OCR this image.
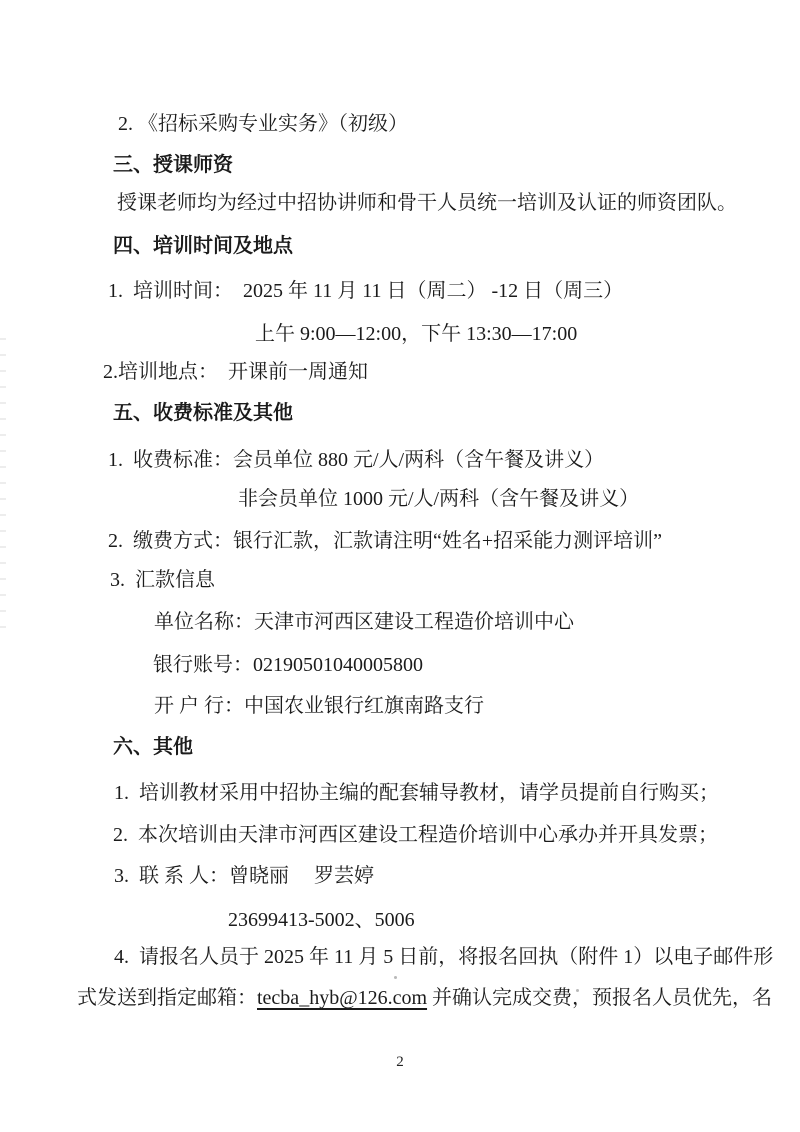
2. 《招标采购专业实务》（初级）

三、授课师资

授课老师均为经过中招协讲师和骨干人员统一培训及认证的师资团队。

四、培训时间及地点

1.  培训时间：  2025 年 11 月 11 日（周二） -12 日（周三）

上午 9:00—12:00，下午 13:30—17:00

2.培训地点：  开课前一周通知

五、收费标准及其他

1.  收费标准：会员单位 880 元/人/两科（含午餐及讲义）

非会员单位 1000 元/人/两科（含午餐及讲义）

2.  缴费方式：银行汇款，汇款请注明“姓名+招采能力测评培训”

3.  汇款信息

单位名称：天津市河西区建设工程造价培训中心

银行账号：02190501040005800

开 户 行：中国农业银行红旗南路支行

六、其他

1.  培训教材采用中招协主编的配套辅导教材，请学员提前自行购买；

2.  本次培训由天津市河西区建设工程造价培训中心承办并开具发票；

3.  联 系 人：曾晓丽　 罗芸婷

23699413-5002、5006

4.  请报名人员于 2025 年 11 月 5 日前，将报名回执（附件 1）以电子邮件形

式发送到指定邮箱：tecba_hyb@126.com 并确认完成交费，预报名人员优先，名

2
